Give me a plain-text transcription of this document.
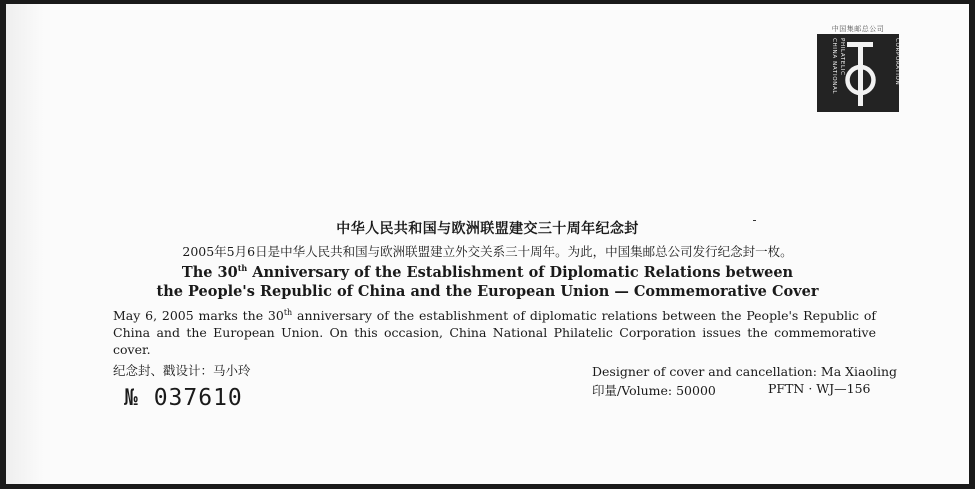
中国集邮总公司
CHINA NATIONAL PHILATELIC	CORPORATION
中华人民共和国与欧洲联盟建交三十周年纪念封
2005年5月6日是中华人民共和国与欧洲联盟建立外交关系三十周年。为此，中国集邮总公司发行纪念封一枚。
The 30th Anniversary of the Establishment of Diplomatic Relations between
the People's Republic of China and the European Union — Commemorative Cover
May 6, 2005 marks the 30th anniversary of the establishment of diplomatic relations between the People's Republic of China and the European Union. On this occasion, China National Philatelic Corporation issues the commemorative cover.
纪念封、戳设计：马小玲
№ 037610
Designer of cover and cancellation: Ma Xiaoling
印量/Volume: 50000	PFTN · WJ—156
